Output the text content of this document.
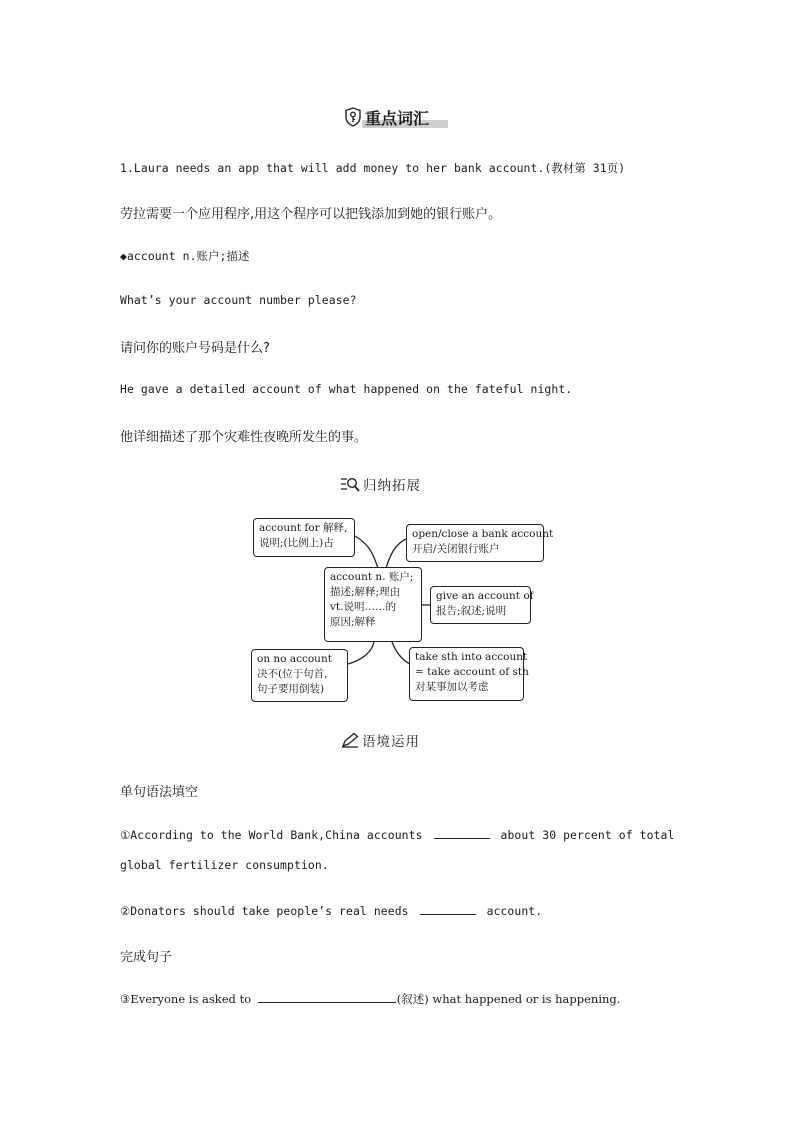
重点词汇
1.Laura needs an app that will add money to her bank account.(教材第 31页)
劳拉需要一个应用程序,用这个程序可以把钱添加到她的银行账户。
◆account n.账户;描述
What’s your account number please?
请问你的账户号码是什么?
He gave a detailed account of what happened on the fateful night.
他详细描述了那个灾难性夜晚所发生的事。
归纳拓展
account for 解释,
说明;(比例上)占
account n. 账户;
描述;解释;理由
vt.说明……的
原因;解释
on no account
决不(位于句首,
句子要用倒装)
open/close a bank account
开启/关闭银行账户
give an account of
报告;叙述;说明
take sth into account
= take account of sth
对某事加以考虑
语境运用
单句语法填空
①According to the World Bank,China accounts	about 30 percent of total
global fertilizer consumption.
②Donators should take people’s real needs	account.
完成句子
③Everyone is asked to	(叙述) what happened or is happening.
